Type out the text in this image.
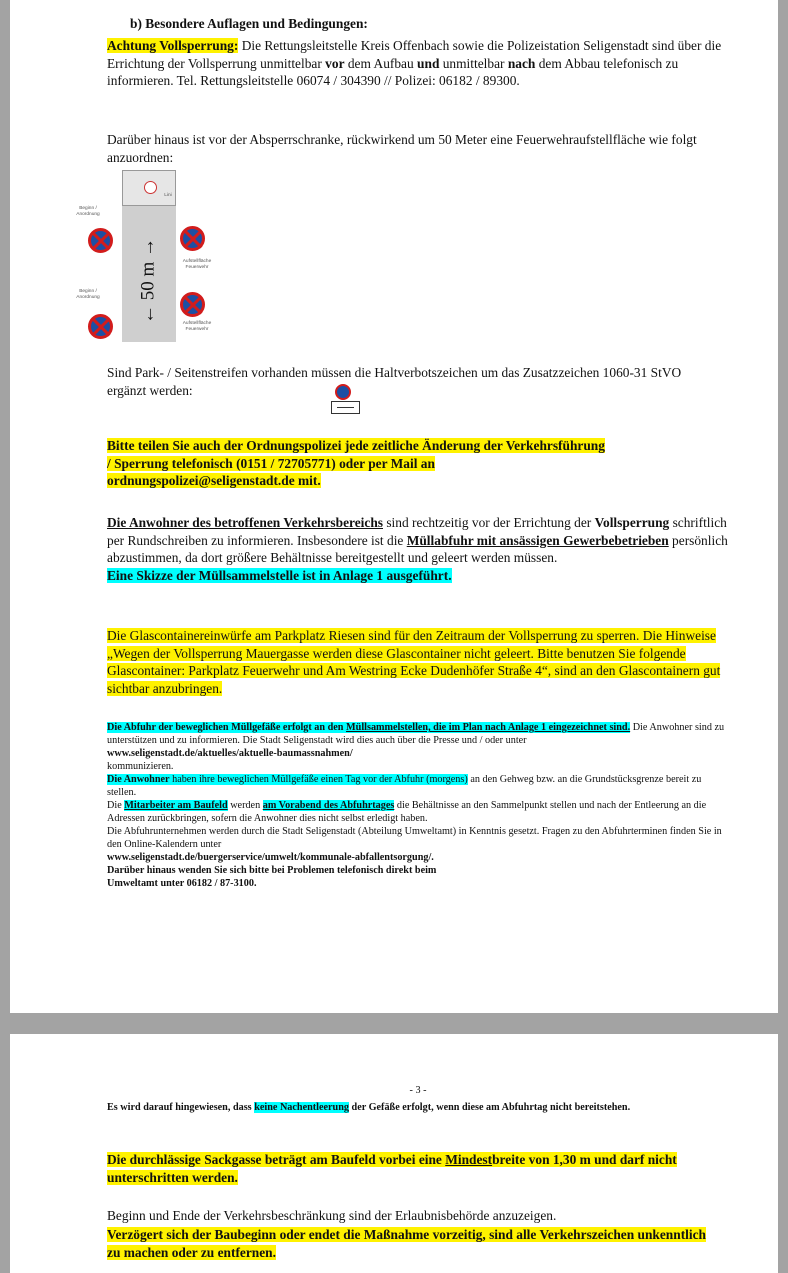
b) Besondere Auflagen und Bedingungen:

Achtung Vollsperrung: Die Rettungsleitstelle Kreis Offenbach sowie die Polizeistation Seligenstadt sind über die Errichtung der Vollsperrung unmittelbar vor dem Aufbau und unmittelbar nach dem Abbau telefonisch zu informieren. Tel. Rettungsleitstelle 06074 / 304390 // Polizei: 06182 / 89300.

Darüber hinaus ist vor der Absperrschranke, rückwirkend um 50 Meter eine Feuerwehraufstellfläche wie folgt anzuordnen:

← 50 m →
Beginn / Anordnung
Beginn / Anordnung
Aufstellfläche Feuerwehr
Aufstellfläche Feuerwehr
Lini

Sind Park- / Seitenstreifen vorhanden müssen die Haltverbotszeichen um das Zusatzzeichen 1060-31 StVO ergänzt werden:

Bitte teilen Sie auch der Ordnungspolizei jede zeitliche Änderung der Verkehrsführung / Sperrung telefonisch (0151 / 72705771) oder per Mail an ordnungspolizei@seligenstadt.de mit.

Die Anwohner des betroffenen Verkehrsbereichs sind rechtzeitig vor der Errichtung der Vollsperrung schriftlich per Rundschreiben zu informieren. Insbesondere ist die Müllabfuhr mit ansässigen Gewerbebetrieben persönlich abzustimmen, da dort größere Behältnisse bereitgestellt und geleert werden müssen.
Eine Skizze der Müllsammelstelle ist in Anlage 1 ausgeführt.

Die Glascontainereinwürfe am Parkplatz Riesen sind für den Zeitraum der Vollsperrung zu sperren. Die Hinweise „Wegen der Vollsperrung Mauergasse werden diese Glascontainer nicht geleert. Bitte benutzen Sie folgende Glascontainer: Parkplatz Feuerwehr und Am Westring Ecke Dudenhöfer Straße 4“, sind an den Glascontainern gut sichtbar anzubringen.

Die Abfuhr der beweglichen Müllgefäße erfolgt an den Müllsammelstellen, die im Plan nach Anlage 1 eingezeichnet sind. Die Anwohner sind zu unterstützen und zu informieren. Die Stadt Seligenstadt wird dies auch über die Presse und / oder unter

www.seligenstadt.de/aktuelles/aktuelle-baumassnahmen/

kommunizieren.

Die Anwohner haben ihre beweglichen Müllgefäße einen Tag vor der Abfuhr (morgens) an den Gehweg bzw. an die Grundstücksgrenze bereit zu stellen.

Die Mitarbeiter am Baufeld werden am Vorabend des Abfuhrtages die Behältnisse an den Sammelpunkt stellen und nach der Entleerung an die Adressen zurückbringen, sofern die Anwohner dies nicht selbst erledigt haben.

Die Abfuhrunternehmen werden durch die Stadt Seligenstadt (Abteilung Umweltamt) in Kenntnis gesetzt. Fragen zu den Abfuhrterminen finden Sie in den Online-Kalendern unter

www.seligenstadt.de/buergerservice/umwelt/kommunale-abfallentsorgung/.

Darüber hinaus wenden Sie sich bitte bei Problemen telefonisch direkt beim

Umweltamt unter 06182 / 87-3100.

- 3 -

Es wird darauf hingewiesen, dass keine Nachentleerung der Gefäße erfolgt, wenn diese am Abfuhrtag nicht bereitstehen.

Die durchlässige Sackgasse beträgt am Baufeld vorbei eine Mindestbreite von 1,30 m und darf nicht unterschritten werden.

Beginn und Ende der Verkehrsbeschränkung sind der Erlaubnisbehörde anzuzeigen.

Verzögert sich der Baubeginn oder endet die Maßnahme vorzeitig, sind alle Verkehrszeichen unkenntlich zu machen oder zu entfernen.
